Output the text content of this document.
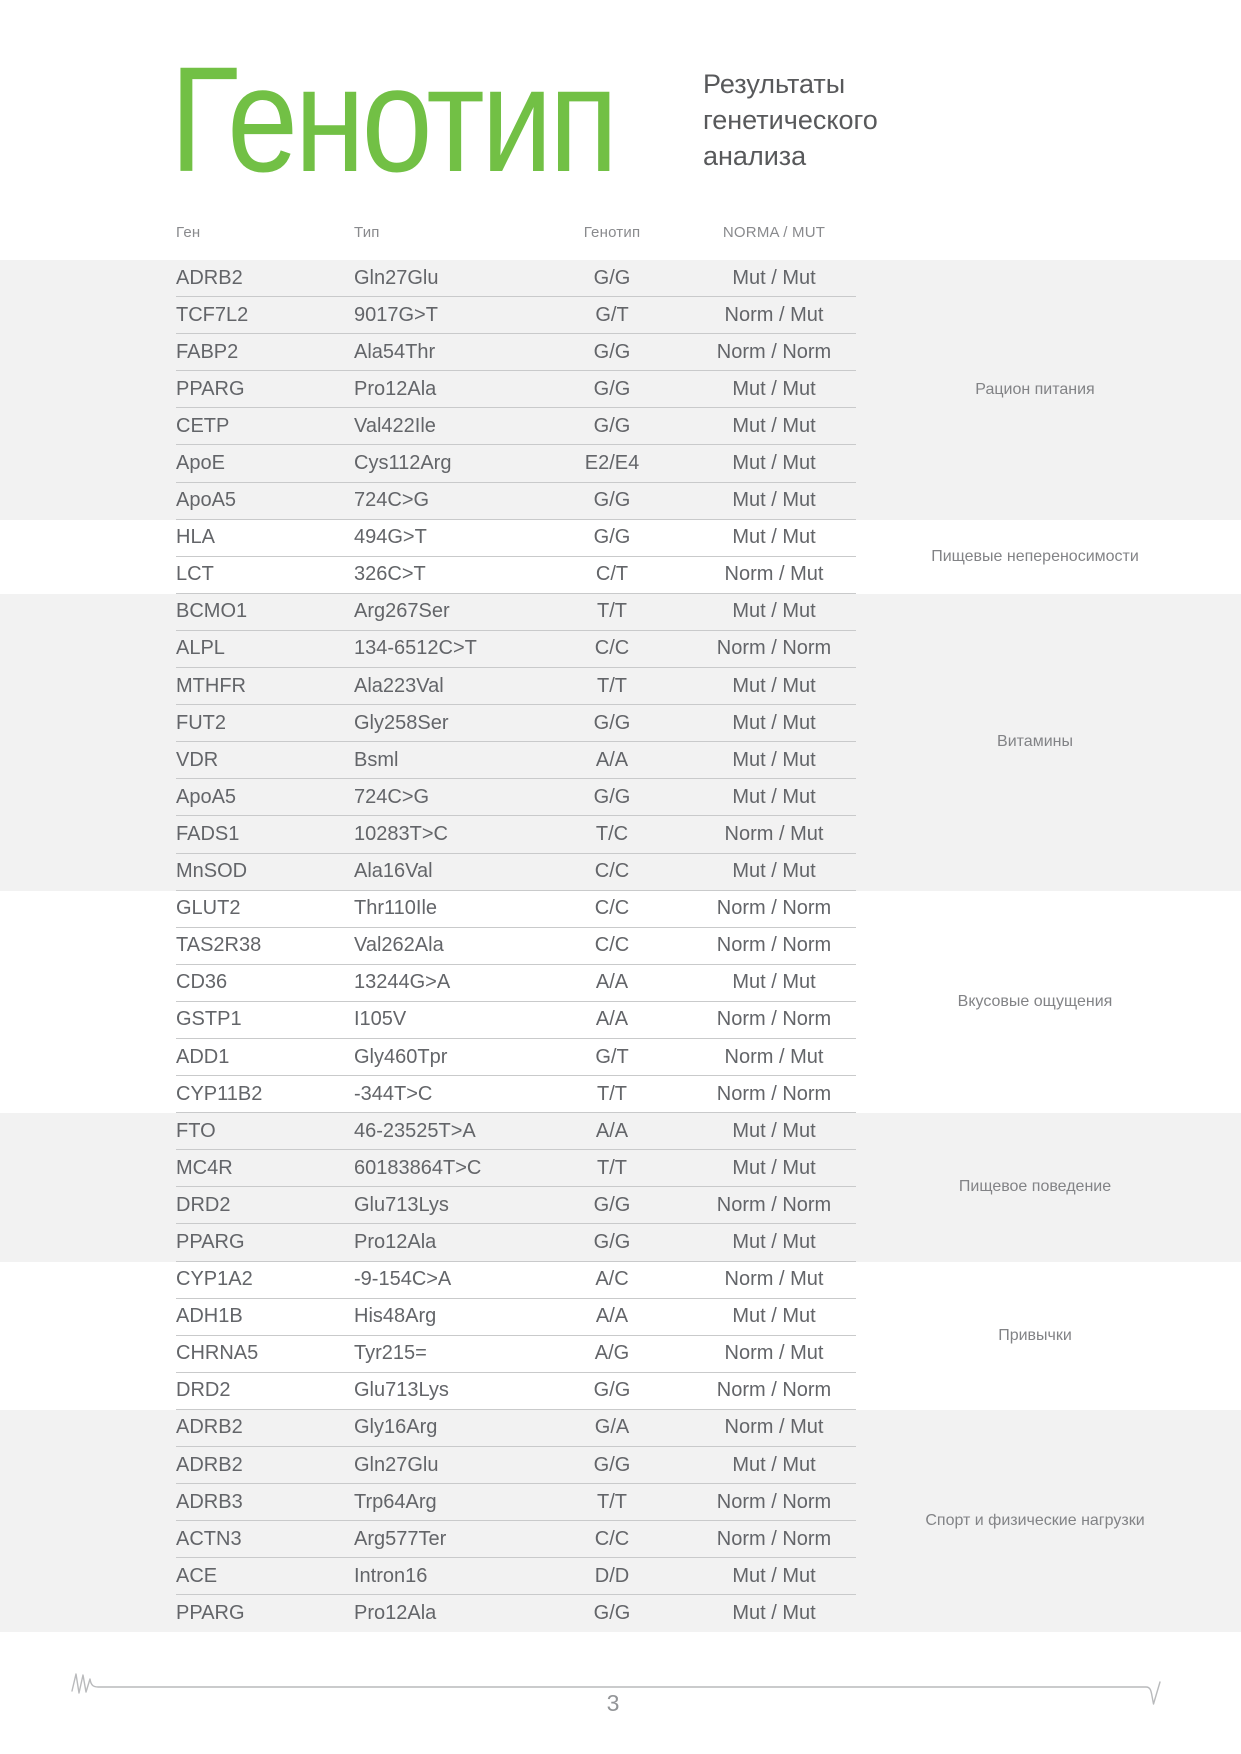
Генотип	Результаты
генетического
анализа
Ген	Тип	Генотип	NORMA / MUT
ADRB2	Gln27Glu	G/G	Mut / Mut
TCF7L2	9017G>T	G/T	Norm / Mut
FABP2	Ala54Thr	G/G	Norm / Norm
PPARG	Pro12Ala	G/G	Mut / Mut
CETP	Val422Ile	G/G	Mut / Mut
ApoE	Cys112Arg	E2/E4	Mut / Mut
ApoA5	724C>G	G/G	Mut / Mut
Рацион питания
HLA	494G>T	G/G	Mut / Mut
LCT	326C>T	C/T	Norm / Mut
Пищевые непереносимости
BCMO1	Arg267Ser	T/T	Mut / Mut
ALPL	134-6512C>T	C/C	Norm / Norm
MTHFR	Ala223Val	T/T	Mut / Mut
FUT2	Gly258Ser	G/G	Mut / Mut
VDR	Bsml	A/A	Mut / Mut
ApoA5	724C>G	G/G	Mut / Mut
FADS1	10283T>C	T/C	Norm / Mut
MnSOD	Ala16Val	C/C	Mut / Mut
Витамины
GLUT2	Thr110Ile	C/C	Norm / Norm
TAS2R38	Val262Ala	C/C	Norm / Norm
CD36	13244G>A	A/A	Mut / Mut
GSTP1	I105V	A/A	Norm / Norm
ADD1	Gly460Tpr	G/T	Norm / Mut
CYP11B2	-344T>C	T/T	Norm / Norm
Вкусовые ощущения
FTO	46-23525T>A	A/A	Mut / Mut
MC4R	60183864T>C	T/T	Mut / Mut
DRD2	Glu713Lys	G/G	Norm / Norm
PPARG	Pro12Ala	G/G	Mut / Mut
Пищевое поведение
CYP1A2	-9-154C>A	A/C	Norm / Mut
ADH1B	His48Arg	A/A	Mut / Mut
CHRNA5	Tyr215=	A/G	Norm / Mut
DRD2	Glu713Lys	G/G	Norm / Norm
Привычки
ADRB2	Gly16Arg	G/A	Norm / Mut
ADRB2	Gln27Glu	G/G	Mut / Mut
ADRB3	Trp64Arg	T/T	Norm / Norm
ACTN3	Arg577Ter	C/C	Norm / Norm
ACE	Intron16	D/D	Mut / Mut
PPARG	Pro12Ala	G/G	Mut / Mut
Спорт и физические нагрузки
3
